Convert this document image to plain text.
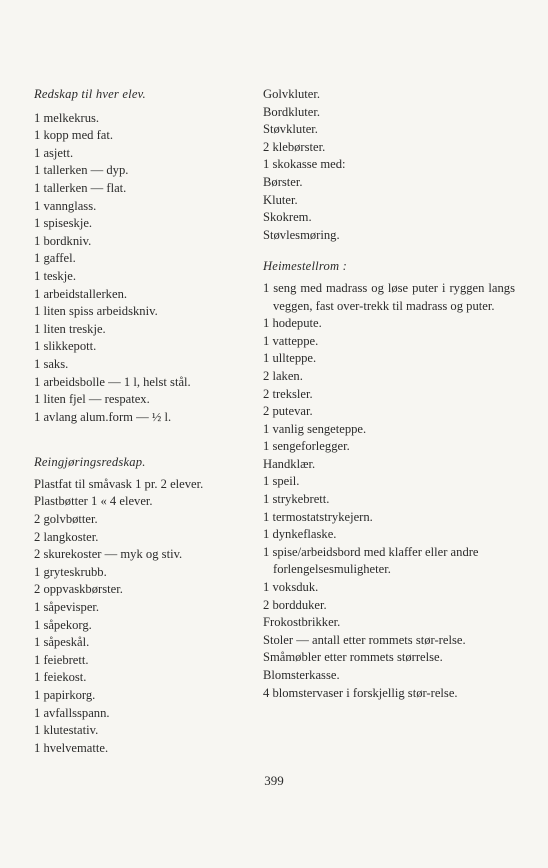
Redskap til hver elev.
1 melkekrus.
1 kopp med fat.
1 asjett.
1 tallerken — dyp.
1 tallerken — flat.
1 vannglass.
1 spiseskje.
1 bordkniv.
1 gaffel.
1 teskje.
1 arbeidstallerken.
1 liten spiss arbeidskniv.
1 liten treskje.
1 slikkepott.
1 saks.
1 arbeidsbolle — 1 l, helst stål.
1 liten fjel — respatex.
1 avlang alum.form — ½ l.
Reingjøringsredskap.
Plastfat til småvask 1 pr. 2 elever.
Plastbøtter 1 « 4 elever.
2 golvbøtter.
2 langkoster.
2 skurekoster — myk og stiv.
1 gryteskrubb.
2 oppvaskbørster.
1 såpevisper.
1 såpekorg.
1 såpeskål.
1 feiebrett.
1 feiekost.
1 papirkorg.
1 avfallsspann.
1 klutestativ.
1 hvelvematte.
Golvkluter.
Bordkluter.
Støvkluter.
2 klebørster.
1 skokasse med:
Børster.
Kluter.
Skokrem.
Støvlesmøring.
Heimestellrom :
1 seng med madrass og løse puter i ryggen langs veggen, fast over-trekk til madrass og puter.
1 hodepute.
1 vatteppe.
1 ullteppe.
2 laken.
2 treksler.
2 putevar.
1 vanlig sengeteppe.
1 sengeforlegger.
Handklær.
1 speil.
1 strykebrett.
1 termostatstrykejern.
1 dynkeflaske.
1 spise/arbeidsbord med klaffer eller andre forlengelsesmuligheter.
1 voksduk.
2 bordduker.
Frokostbrikker.
Stoler — antall etter rommets stør-relse.
Småmøbler etter rommets størrelse.
Blomsterkasse.
4 blomstervaser i forskjellig stør-relse.
399
